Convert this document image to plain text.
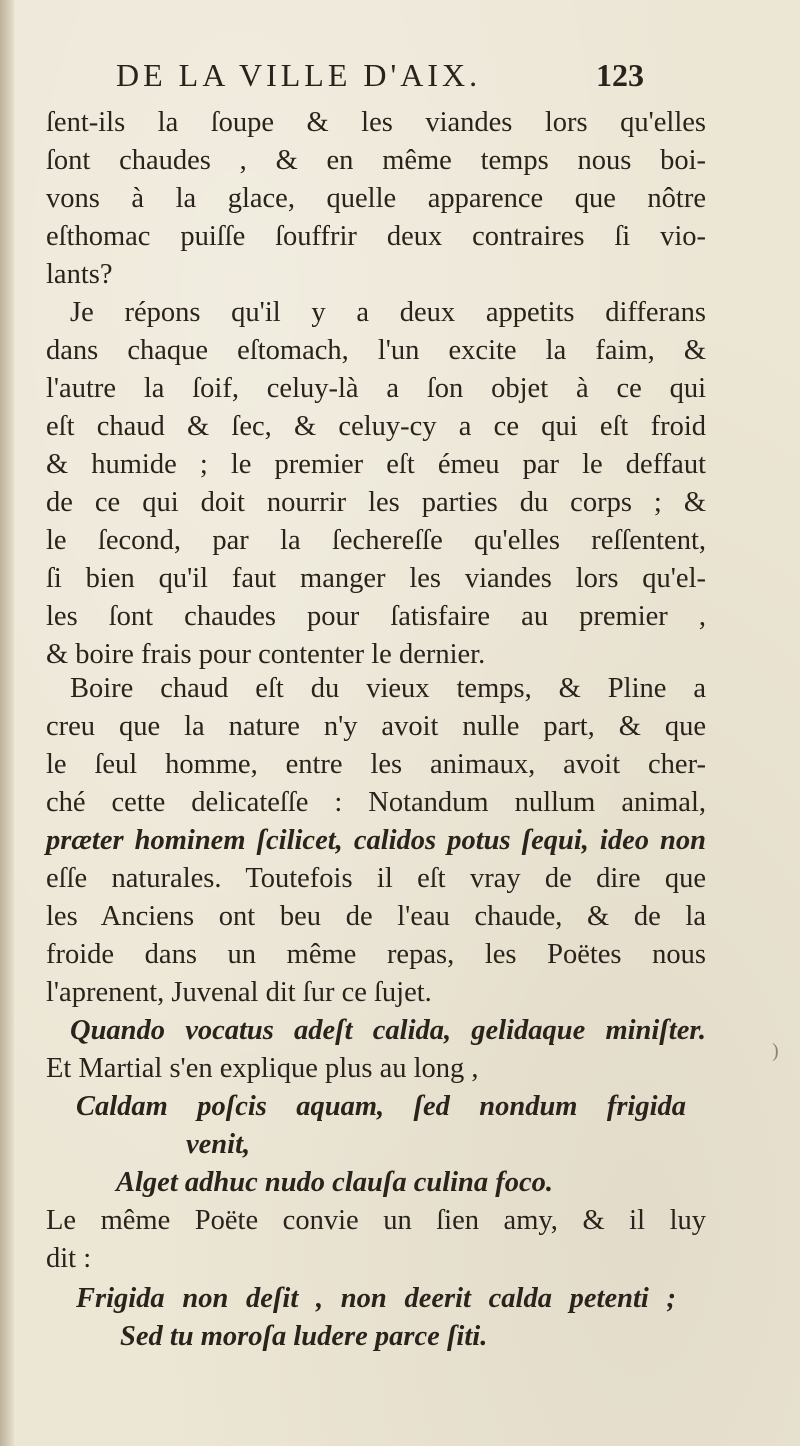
DE LA VILLE D'AIX.
ſent-ils la ſoupe & les viandes lors qu'elles
ſont chaudes , & en même temps nous boi-
vons à la glace, quelle apparence que nôtre
eſthomac puiſſe ſouffrir deux contraires ſi vio-
lants?
Je répons qu'il y a deux appetits differans
dans chaque eſtomach, l'un excite la faim, &
l'autre la ſoif, celuy-là a ſon objet à ce qui
eſt chaud & ſec, & celuy-cy a ce qui eſt froid
& humide ; le premier eſt émeu par le deffaut
de ce qui doit nourrir les parties du corps ; &
le ſecond, par la ſechereſſe qu'elles reſſentent,
ſi bien qu'il faut manger les viandes lors qu'el-
les ſont chaudes pour ſatisfaire au premier ,
& boire frais pour contenter le dernier.
Boire chaud eſt du vieux temps, & Pline a
creu que la nature n'y avoit nulle part, & que
le ſeul homme, entre les animaux, avoit cher-
ché cette delicateſſe : Notandum nullum animal,
præter hominem ſcilicet, calidos potus ſequi, ideo non
eſſe naturales. Toutefois il eſt vray de dire que
les Anciens ont beu de l'eau chaude, & de la
froide dans un même repas, les Poëtes nous
l'aprenent, Juvenal dit ſur ce ſujet.
Quando vocatus adeſt calida, gelidaque miniſter.
Et Martial s'en explique plus au long ,
Caldam poſcis aquam, ſed nondum frigida
venit,
Alget adhuc nudo clauſa culina foco.
Le même Poëte convie un ſien amy, & il luy
dit :
Frigida non deſit , non deerit calda petenti ;
Sed tu moroſa ludere parce ſiti.
123
)
